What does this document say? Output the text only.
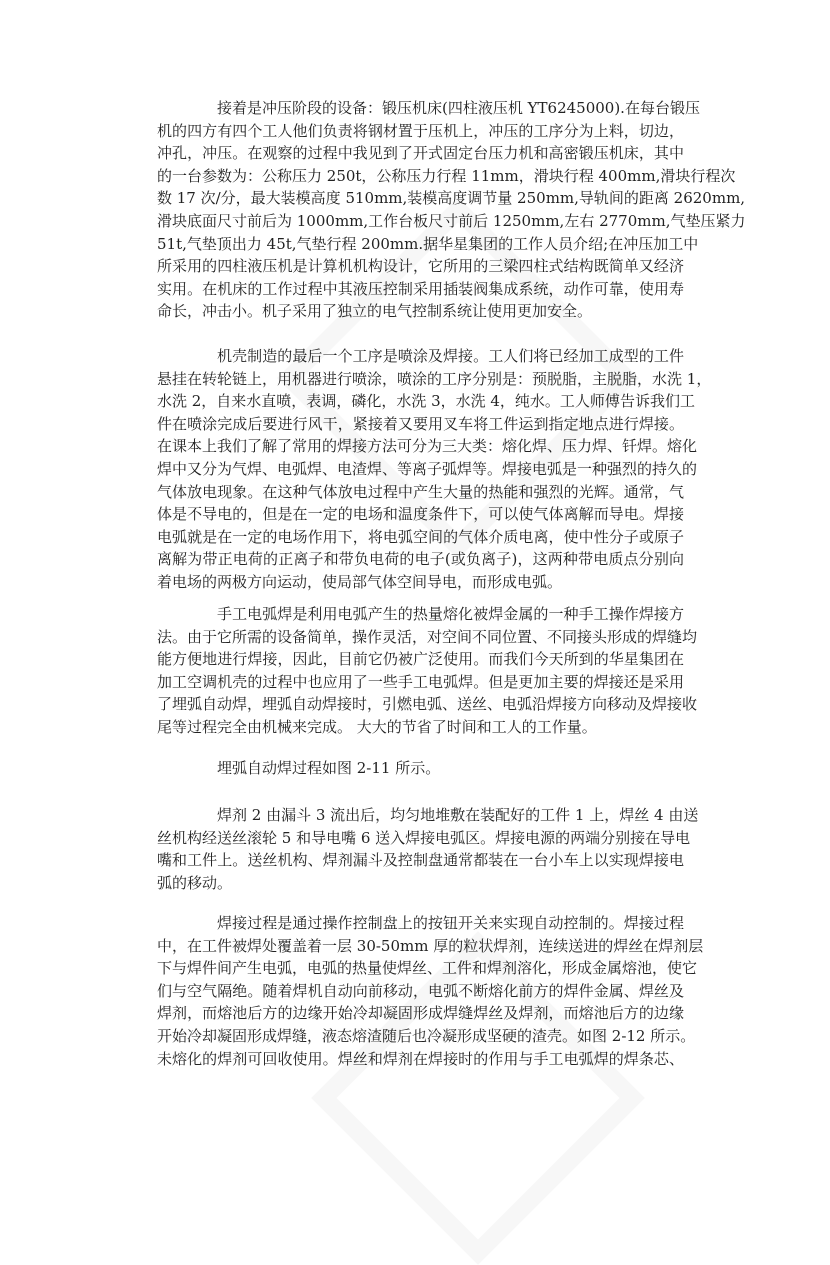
接着是冲压阶段的设备：锻压机床(四柱液压机 YT6245000).在每台锻压
机的四方有四个工人他们负责将钢材置于压机上，冲压的工序分为上料，切边，
冲孔，冲压。在观察的过程中我见到了开式固定台压力机和高密锻压机床，其中
的一台参数为：公称压力 250t，公称压力行程 11mm，滑块行程 400mm,滑块行程次
数 17 次/分，最大装模高度 510mm,装模高度调节量 250mm,导轨间的距离 2620mm,
滑块底面尺寸前后为 1000mm,工作台板尺寸前后 1250mm,左右 2770mm,气垫压紧力
51t,气垫顶出力 45t,气垫行程 200mm.据华星集团的工作人员介绍;在冲压加工中
所采用的四柱液压机是计算机机构设计，它所用的三梁四柱式结构既简单又经济
实用。在机床的工作过程中其液压控制采用插装阀集成系统，动作可靠，使用寿
命长，冲击小。机子采用了独立的电气控制系统让使用更加安全。
机壳制造的最后一个工序是喷涂及焊接。工人们将已经加工成型的工件
悬挂在转轮链上，用机器进行喷涂，喷涂的工序分别是：预脱脂，主脱脂，水洗 1，
水洗 2，自来水直喷，表调，磷化，水洗 3，水洗 4，纯水。工人师傅告诉我们工
件在喷涂完成后要进行风干，紧接着又要用叉车将工件运到指定地点进行焊接。
在课本上我们了解了常用的焊接方法可分为三大类：熔化焊、压力焊、钎焊。熔化
焊中又分为气焊、电弧焊、电渣焊、等离子弧焊等。焊接电弧是一种强烈的持久的
气体放电现象。在这种气体放电过程中产生大量的热能和强烈的光辉。通常，气
体是不导电的，但是在一定的电场和温度条件下，可以使气体离解而导电。焊接
电弧就是在一定的电场作用下，将电弧空间的气体介质电离，使中性分子或原子
离解为带正电荷的正离子和带负电荷的电子(或负离子)，这两种带电质点分别向
着电场的两极方向运动，使局部气体空间导电，而形成电弧。
手工电弧焊是利用电弧产生的热量熔化被焊金属的一种手工操作焊接方
法。由于它所需的设备简单，操作灵活，对空间不同位置、不同接头形成的焊缝均
能方便地进行焊接，因此，目前它仍被广泛使用。而我们今天所到的华星集团在
加工空调机壳的过程中也应用了一些手工电弧焊。但是更加主要的焊接还是采用
了埋弧自动焊，埋弧自动焊接时，引燃电弧、送丝、电弧沿焊接方向移动及焊接收
尾等过程完全由机械来完成。 大大的节省了时间和工人的工作量。
埋弧自动焊过程如图 2-11 所示。
焊剂 2 由漏斗 3 流出后，均匀地堆敷在装配好的工件 1 上，焊丝 4 由送
丝机构经送丝滚轮 5 和导电嘴 6 送入焊接电弧区。焊接电源的两端分别接在导电
嘴和工件上。送丝机构、焊剂漏斗及控制盘通常都装在一台小车上以实现焊接电
弧的移动。
焊接过程是通过操作控制盘上的按钮开关来实现自动控制的。焊接过程
中，在工件被焊处覆盖着一层 30-50mm 厚的粒状焊剂，连续送进的焊丝在焊剂层
下与焊件间产生电弧，电弧的热量使焊丝、工件和焊剂溶化，形成金属熔池，使它
们与空气隔绝。随着焊机自动向前移动，电弧不断熔化前方的焊件金属、焊丝及
焊剂，而熔池后方的边缘开始冷却凝固形成焊缝焊丝及焊剂，而熔池后方的边缘
开始冷却凝固形成焊缝，液态熔渣随后也冷凝形成坚硬的渣壳。如图 2-12 所示。
未熔化的焊剂可回收使用。焊丝和焊剂在焊接时的作用与手工电弧焊的焊条芯、
